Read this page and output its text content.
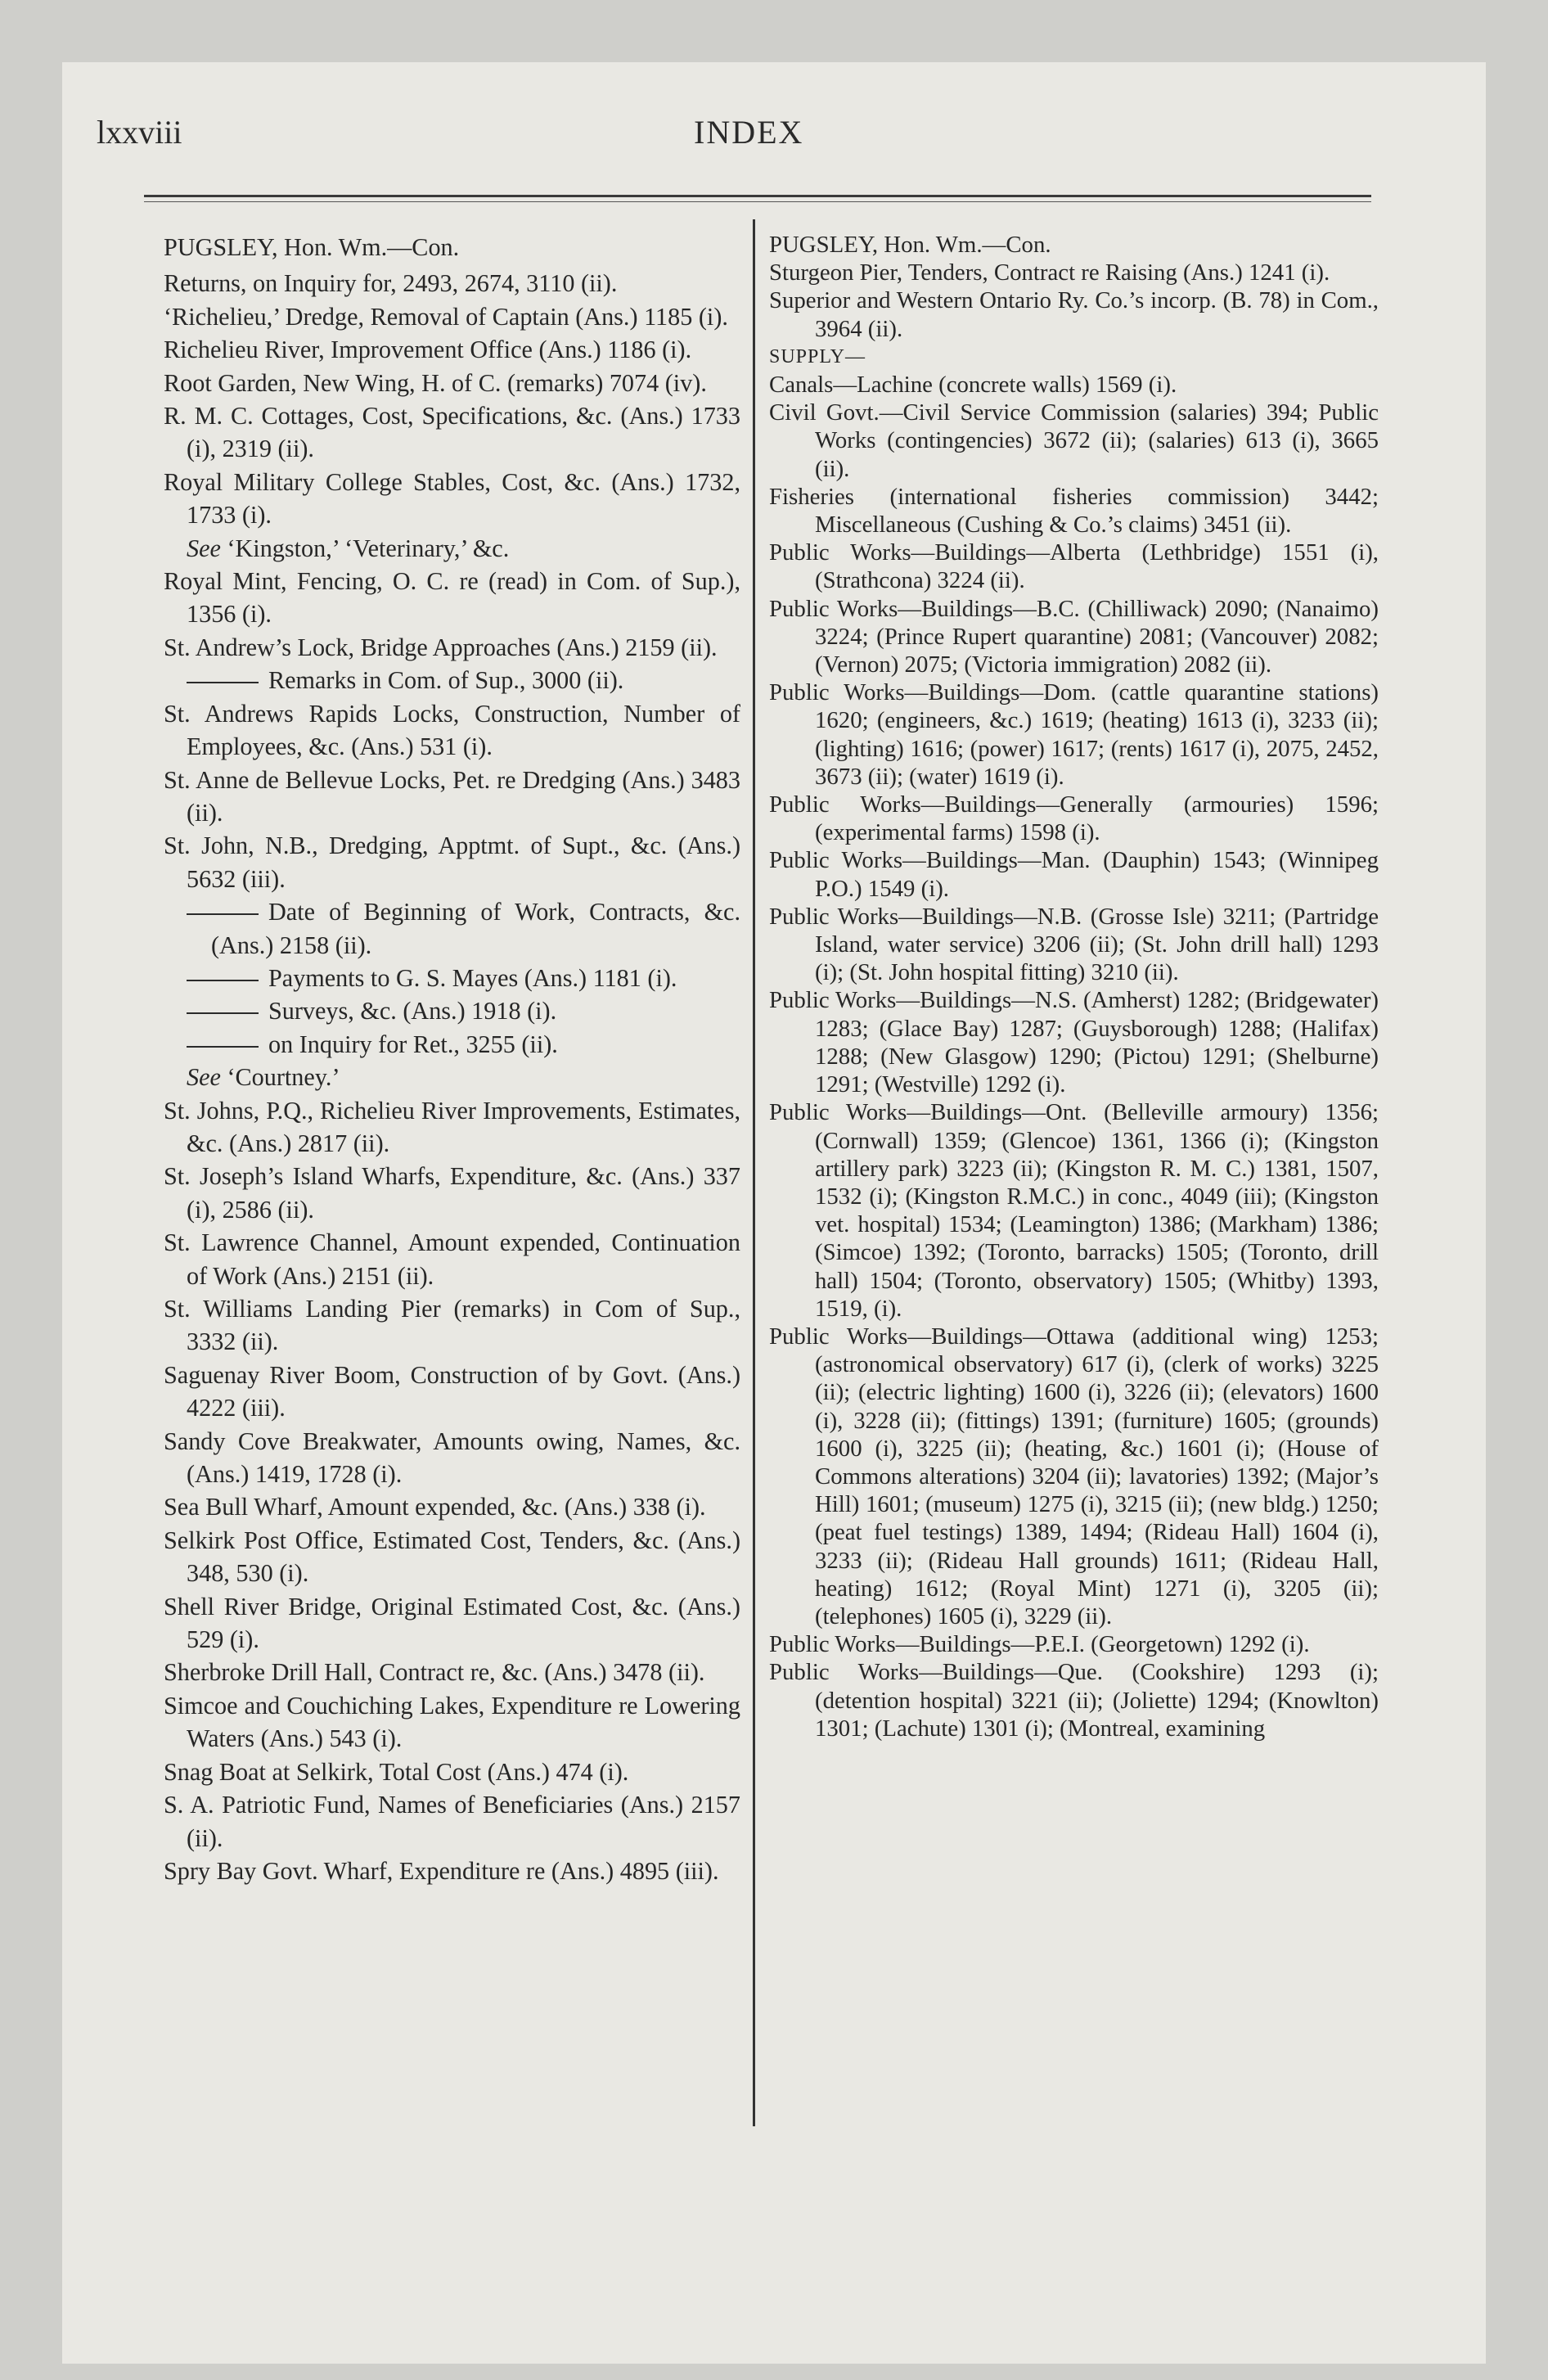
lxxviii	INDEX

PUGSLEY, Hon. Wm.—Con.

Returns, on Inquiry for, 2493, 2674, 3110 (ii).

‘Richelieu,’ Dredge, Removal of Captain (Ans.) 1185 (i).

Richelieu River, Improvement Office (Ans.) 1186 (i).

Root Garden, New Wing, H. of C. (remarks) 7074 (iv).

R. M. C. Cottages, Cost, Specifications, &c. (Ans.) 1733 (i), 2319 (ii).

Royal Military College Stables, Cost, &c. (Ans.) 1732, 1733 (i).

See ‘Kingston,’ ‘Veterinary,’ &c.

Royal Mint, Fencing, O. C. re (read) in Com. of Sup.), 1356 (i).

St. Andrew’s Lock, Bridge Approaches (Ans.) 2159 (ii).

Remarks in Com. of Sup., 3000 (ii).

St. Andrews Rapids Locks, Construction, Number of Employees, &c. (Ans.) 531 (i).

St. Anne de Bellevue Locks, Pet. re Dredging (Ans.) 3483 (ii).

St. John, N.B., Dredging, Apptmt. of Supt., &c. (Ans.) 5632 (iii).

Date of Beginning of Work, Contracts, &c. (Ans.) 2158 (ii).

Payments to G. S. Mayes (Ans.) 1181 (i).

Surveys, &c. (Ans.) 1918 (i).

on Inquiry for Ret., 3255 (ii).

See ‘Courtney.’

St. Johns, P.Q., Richelieu River Improvements, Estimates, &c. (Ans.) 2817 (ii).

St. Joseph’s Island Wharfs, Expenditure, &c. (Ans.) 337 (i), 2586 (ii).

St. Lawrence Channel, Amount expended, Continuation of Work (Ans.) 2151 (ii).

St. Williams Landing Pier (remarks) in Com of Sup., 3332 (ii).

Saguenay River Boom, Construction of by Govt. (Ans.) 4222 (iii).

Sandy Cove Breakwater, Amounts owing, Names, &c. (Ans.) 1419, 1728 (i).

Sea Bull Wharf, Amount expended, &c. (Ans.) 338 (i).

Selkirk Post Office, Estimated Cost, Tenders, &c. (Ans.) 348, 530 (i).

Shell River Bridge, Original Estimated Cost, &c. (Ans.) 529 (i).

Sherbroke Drill Hall, Contract re, &c. (Ans.) 3478 (ii).

Simcoe and Couchiching Lakes, Expenditure re Lowering Waters (Ans.) 543 (i).

Snag Boat at Selkirk, Total Cost (Ans.) 474 (i).

S. A. Patriotic Fund, Names of Beneficiaries (Ans.) 2157 (ii).

Spry Bay Govt. Wharf, Expenditure re (Ans.) 4895 (iii).

PUGSLEY, Hon. Wm.—Con.

Sturgeon Pier, Tenders, Contract re Raising (Ans.) 1241 (i).

Superior and Western Ontario Ry. Co.’s incorp. (B. 78) in Com., 3964 (ii).

SUPPLY—

Canals—Lachine (concrete walls) 1569 (i).

Civil Govt.—Civil Service Commission (salaries) 394; Public Works (contingencies) 3672 (ii); (salaries) 613 (i), 3665 (ii).

Fisheries (international fisheries commission) 3442; Miscellaneous (Cushing & Co.’s claims) 3451 (ii).

Public Works—Buildings—Alberta (Lethbridge) 1551 (i), (Strathcona) 3224 (ii).

Public Works—Buildings—B.C. (Chilliwack) 2090; (Nanaimo) 3224; (Prince Rupert quarantine) 2081; (Vancouver) 2082; (Vernon) 2075; (Victoria immigration) 2082 (ii).

Public Works—Buildings—Dom. (cattle quarantine stations) 1620; (engineers, &c.) 1619; (heating) 1613 (i), 3233 (ii); (lighting) 1616; (power) 1617; (rents) 1617 (i), 2075, 2452, 3673 (ii); (water) 1619 (i).

Public Works—Buildings—Generally (armouries) 1596; (experimental farms) 1598 (i).

Public Works—Buildings—Man. (Dauphin) 1543; (Winnipeg P.O.) 1549 (i).

Public Works—Buildings—N.B. (Grosse Isle) 3211; (Partridge Island, water service) 3206 (ii); (St. John drill hall) 1293 (i); (St. John hospital fitting) 3210 (ii).

Public Works—Buildings—N.S. (Amherst) 1282; (Bridgewater) 1283; (Glace Bay) 1287; (Guysborough) 1288; (Halifax) 1288; (New Glasgow) 1290; (Pictou) 1291; (Shelburne) 1291; (Westville) 1292 (i).

Public Works—Buildings—Ont. (Belleville armoury) 1356; (Cornwall) 1359; (Glencoe) 1361, 1366 (i); (Kingston artillery park) 3223 (ii); (Kingston R. M. C.) 1381, 1507, 1532 (i); (Kingston R.M.C.) in conc., 4049 (iii); (Kingston vet. hospital) 1534; (Leamington) 1386; (Markham) 1386; (Simcoe) 1392; (Toronto, barracks) 1505; (Toronto, drill hall) 1504; (Toronto, observatory) 1505; (Whitby) 1393, 1519, (i).

Public Works—Buildings—Ottawa (additional wing) 1253; (astronomical observatory) 617 (i), (clerk of works) 3225 (ii); (electric lighting) 1600 (i), 3226 (ii); (elevators) 1600 (i), 3228 (ii); (fittings) 1391; (furniture) 1605; (grounds) 1600 (i), 3225 (ii); (heating, &c.) 1601 (i); (House of Commons alterations) 3204 (ii); lavatories) 1392; (Major’s Hill) 1601; (museum) 1275 (i), 3215 (ii); (new bldg.) 1250; (peat fuel testings) 1389, 1494; (Rideau Hall) 1604 (i), 3233 (ii); (Rideau Hall grounds) 1611; (Rideau Hall, heating) 1612; (Royal Mint) 1271 (i), 3205 (ii); (telephones) 1605 (i), 3229 (ii).

Public Works—Buildings—P.E.I. (Georgetown) 1292 (i).

Public Works—Buildings—Que. (Cookshire) 1293 (i); (detention hospital) 3221 (ii); (Joliette) 1294; (Knowlton) 1301; (Lachute) 1301 (i); (Montreal, examining
